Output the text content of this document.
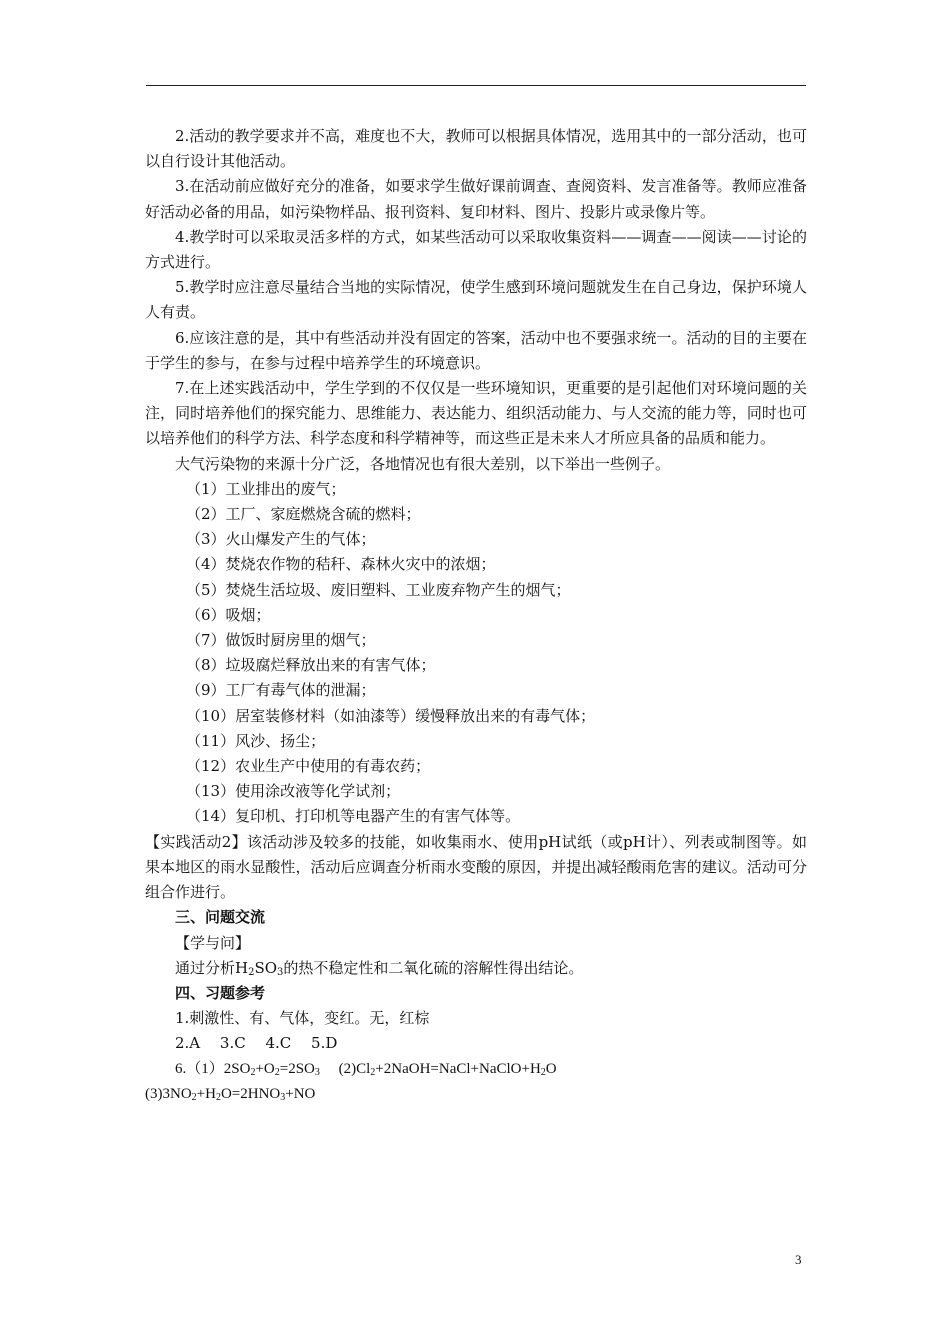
2.活动的教学要求并不高，难度也不大，教师可以根据具体情况，选用其中的一部分活动，也可以自行设计其他活动。

3.在活动前应做好充分的准备，如要求学生做好课前调查、查阅资料、发言准备等。教师应准备好活动必备的用品，如污染物样品、报刊资料、复印材料、图片、投影片或录像片等。

4.教学时可以采取灵活多样的方式，如某些活动可以采取收集资料——调查——阅读——讨论的方式进行。

5.教学时应注意尽量结合当地的实际情况，使学生感到环境问题就发生在自己身边，保护环境人人有责。

6.应该注意的是，其中有些活动并没有固定的答案，活动中也不要强求统一。活动的目的主要在于学生的参与，在参与过程中培养学生的环境意识。

7.在上述实践活动中，学生学到的不仅仅是一些环境知识，更重要的是引起他们对环境问题的关注，同时培养他们的探究能力、思维能力、表达能力、组织活动能力、与人交流的能力等，同时也可以培养他们的科学方法、科学态度和科学精神等，而这些正是未来人才所应具备的品质和能力。

大气污染物的来源十分广泛，各地情况也有很大差别，以下举出一些例子。

（1）工业排出的废气；

（2）工厂、家庭燃烧含硫的燃料；

（3）火山爆发产生的气体；

（4）焚烧农作物的秸秆、森林火灾中的浓烟；

（5）焚烧生活垃圾、废旧塑料、工业废弃物产生的烟气；

（6）吸烟；

（7）做饭时厨房里的烟气；

（8）垃圾腐烂释放出来的有害气体；

（9）工厂有毒气体的泄漏；

（10）居室装修材料（如油漆等）缓慢释放出来的有毒气体；

（11）风沙、扬尘；

（12）农业生产中使用的有毒农药；

（13）使用涂改液等化学试剂；

（14）复印机、打印机等电器产生的有害气体等。

【实践活动2】该活动涉及较多的技能，如收集雨水、使用pH试纸（或pH计）、列表或制图等。如果本地区的雨水显酸性，活动后应调查分析雨水变酸的原因，并提出减轻酸雨危害的建议。活动可分组合作进行。

三、问题交流

【学与问】

通过分析$H_2SO_3$的热不稳定性和二氧化硫的溶解性得出结论。

四、习题参考

1.刺激性、有、气体，变红。无，红棕

2.A　 3.C　 4.C　 5.D

$6.(1)2SO_2+O_2=2SO_3$　 $(2)Cl_2+2NaOH=NaCl+NaClO+H_2O$

$(3)3NO_2+H_2O=2HNO_3+NO$

3
